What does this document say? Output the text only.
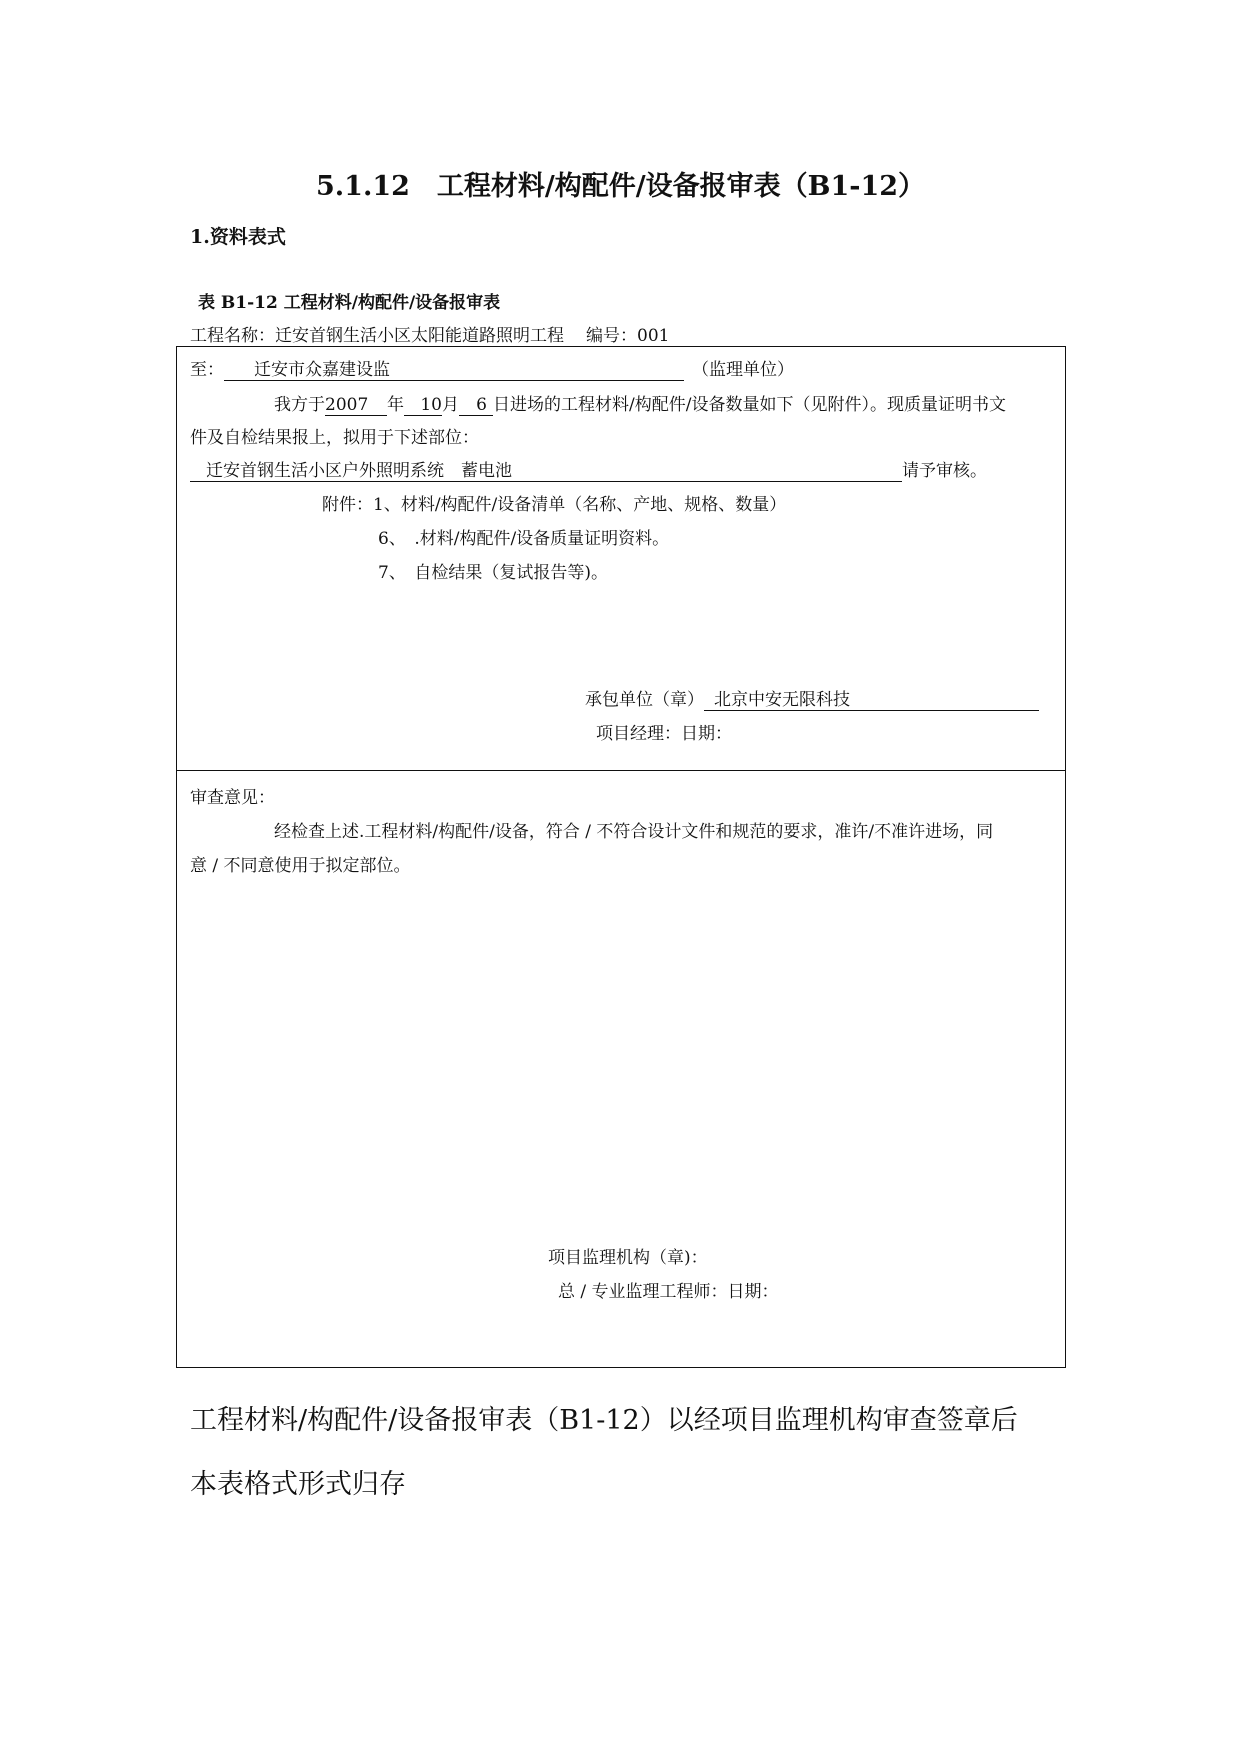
5.1.12　工程材料/构配件/设备报审表（B1-12）
1.资料表式
表 B1-12 工程材料/构配件/设备报审表
工程名称：迁安首钢生活小区太阳能道路照明工程 编号：001
至： 迁安市众嘉建设监	（监理单位）
我方于2007 年 10月 6 日进场的工程材料/构配件/设备数量如下（见附件）。现质量证明书文
件及自检结果报上，拟用于下述部位：
迁安首钢生活小区户外照明系统　蓄电池	请予审核。
附件：1、材料/构配件/设备清单（名称、产地、规格、数量）
6、　.材料/构配件/设备质量证明资料。
7、　自检结果（复试报告等)。
承包单位（章） 北京中安无限科技
项目经理：日期：
审查意见：
经检查上述.工程材料/构配件/设备，符合 / 不符合设计文件和规范的要求，准许/不准许进场，同
意 / 不同意使用于拟定部位。
项目监理机构（章)：
总 / 专业监理工程师：日期：
工程材料/构配件/设备报审表（B1-12）以经项目监理机构审查签章后
本表格式形式归存
